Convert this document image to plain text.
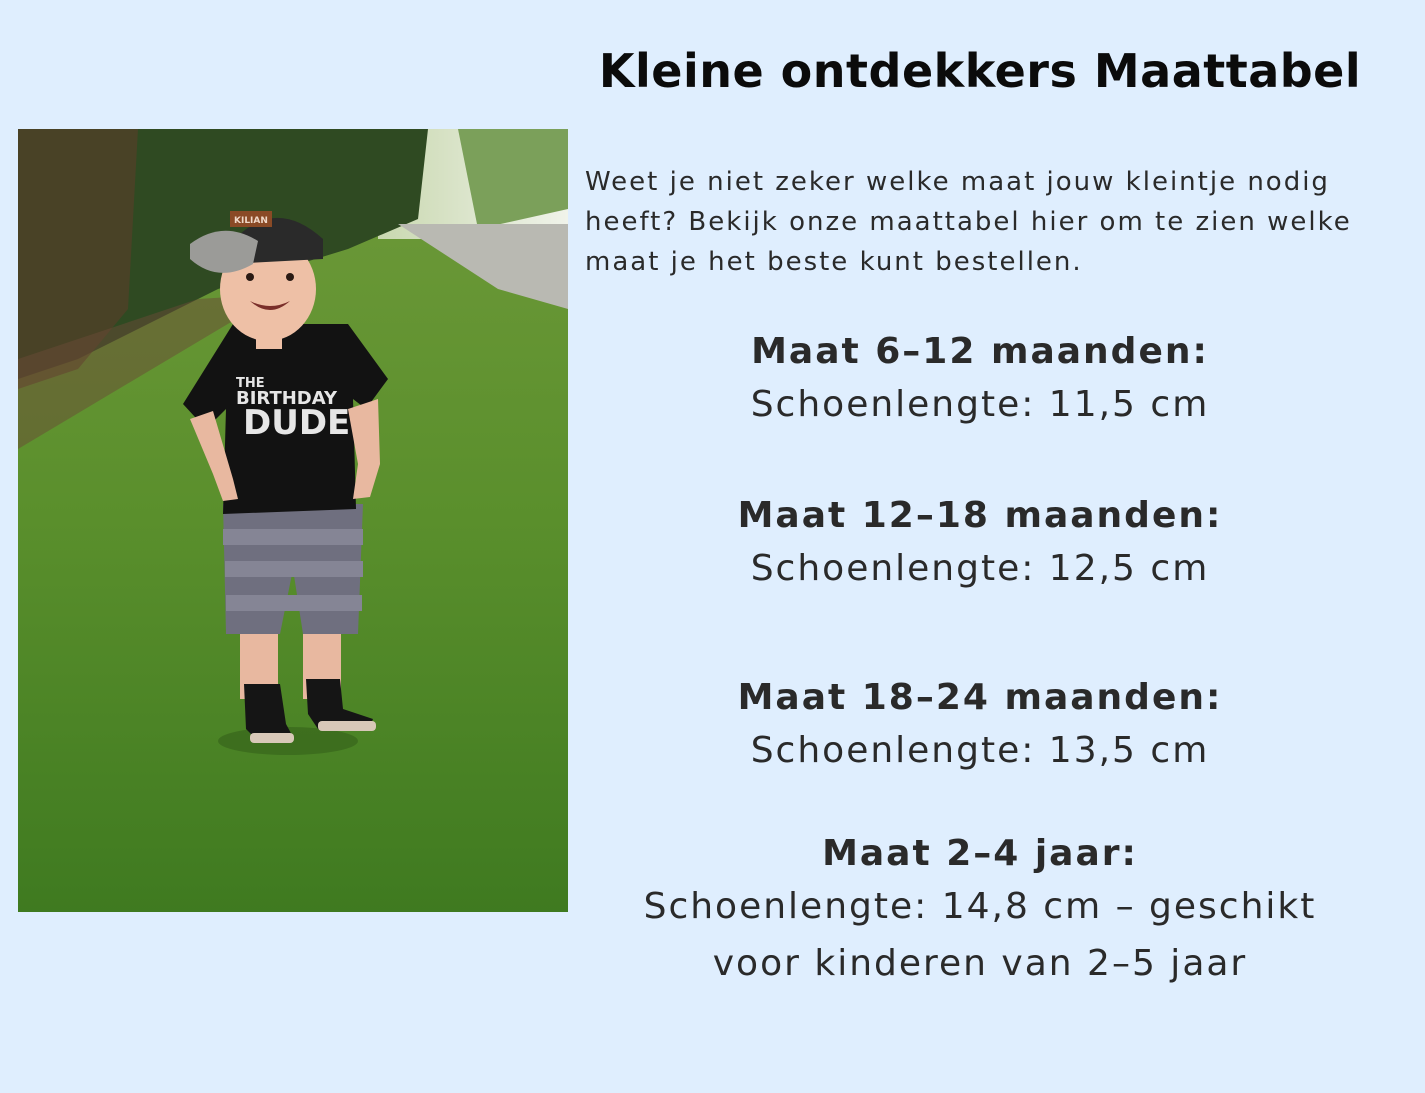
Kleine ontdekkers Maattabel
THE
BIRTHDAY
DUDE
KILIAN

Weet je niet zeker welke maat jouw kleintje nodig heeft? Bekijk onze maattabel hier om te zien welke maat je het beste kunt bestellen.

Maat 6–12 maanden:
Schoenlengte: 11,5 cm
Maat 12–18 maanden:
Schoenlengte: 12,5 cm
Maat 18–24 maanden:
Schoenlengte: 13,5 cm
Maat 2–4 jaar:
Schoenlengte: 14,8 cm – geschikt voor kinderen van 2–5 jaar
